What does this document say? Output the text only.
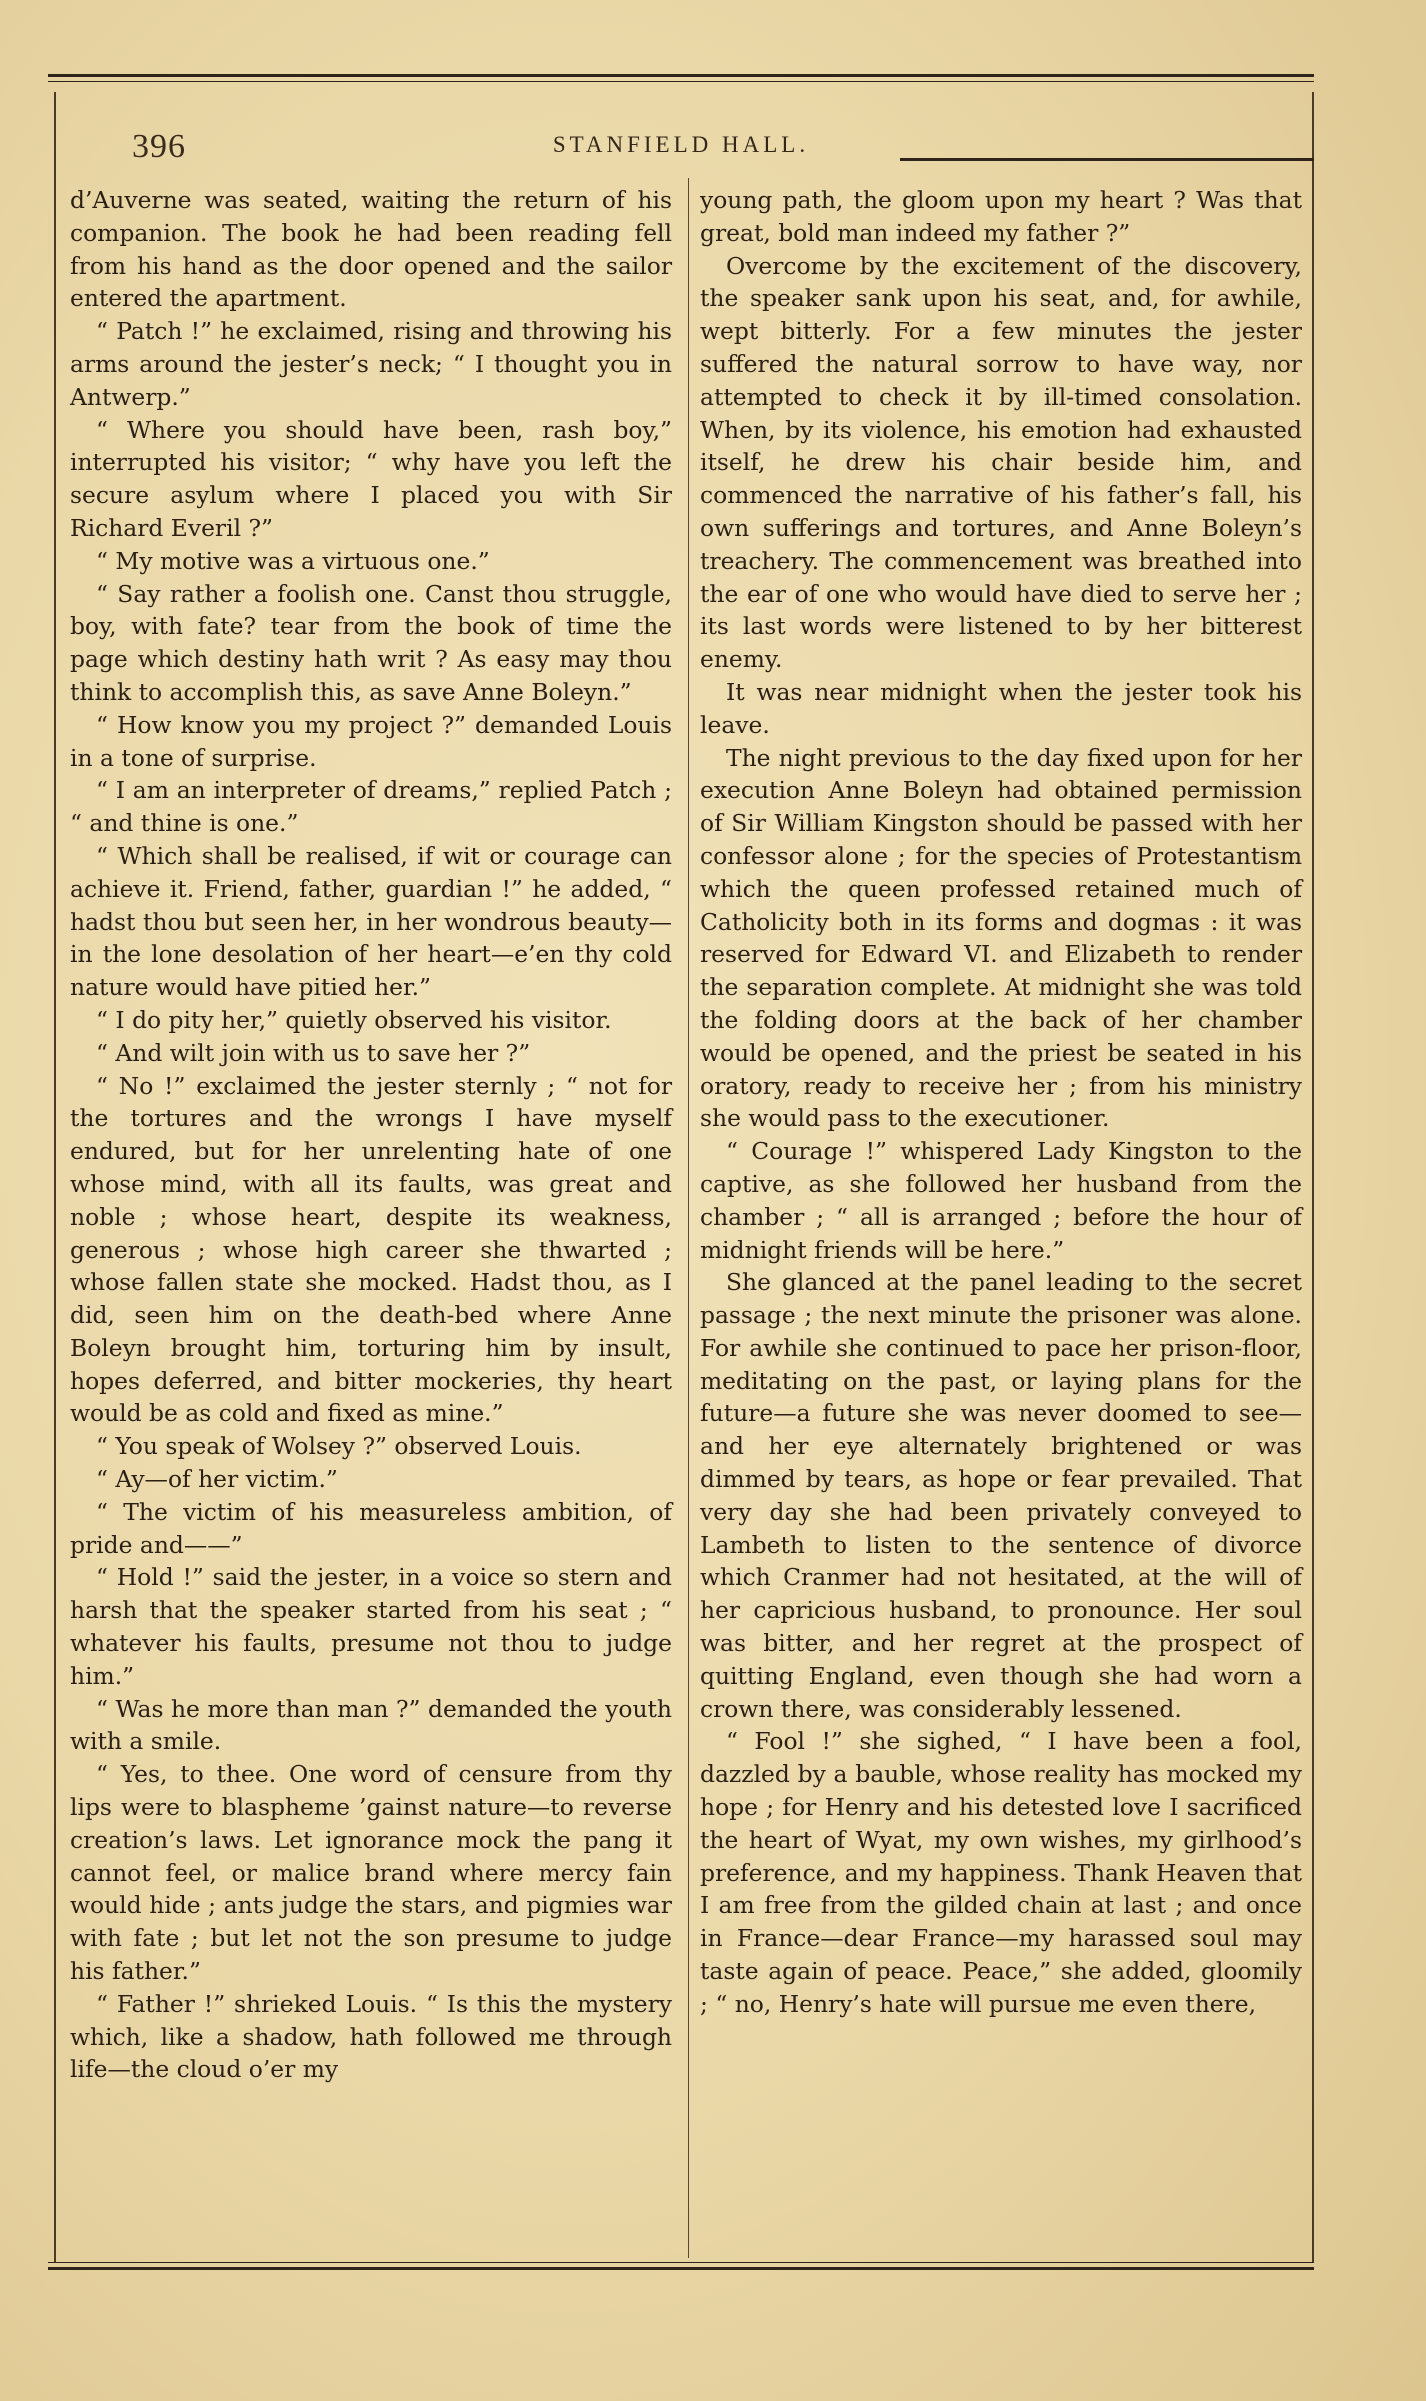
396	STANFIELD HALL.

d’Auverne was seated, waiting the return of his companion. The book he had been reading fell from his hand as the door opened and the sailor entered the apartment.

“ Patch !” he exclaimed, rising and throwing his arms around the jester’s neck; “ I thought you in Antwerp.”

“ Where you should have been, rash boy,” interrupted his visitor; “ why have you left the secure asylum where I placed you with Sir Richard Everil ?”

“ My motive was a virtuous one.”

“ Say rather a foolish one. Canst thou struggle, boy, with fate? tear from the book of time the page which destiny hath writ ? As easy may thou think to accomplish this, as save Anne Boleyn.”

“ How know you my project ?” demanded Louis in a tone of surprise.

“ I am an interpreter of dreams,” replied Patch ; “ and thine is one.”

“ Which shall be realised, if wit or courage can achieve it. Friend, father, guardian !” he added, “ hadst thou but seen her, in her wondrous beauty—in the lone desolation of her heart—e’en thy cold nature would have pitied her.”

“ I do pity her,” quietly observed his visitor.

“ And wilt join with us to save her ?”

“ No !” exclaimed the jester sternly ; “ not for the tortures and the wrongs I have myself endured, but for her unrelenting hate of one whose mind, with all its faults, was great and noble ; whose heart, despite its weakness, generous ; whose high career she thwarted ; whose fallen state she mocked. Hadst thou, as I did, seen him on the death-bed where Anne Boleyn brought him, torturing him by insult, hopes deferred, and bitter mockeries, thy heart would be as cold and fixed as mine.”

“ You speak of Wolsey ?” observed Louis.

“ Ay—of her victim.”

“ The victim of his measureless ambition, of pride and——”

“ Hold !” said the jester, in a voice so stern and harsh that the speaker started from his seat ; “ whatever his faults, presume not thou to judge him.”

“ Was he more than man ?” demanded the youth with a smile.

“ Yes, to thee. One word of censure from thy lips were to blaspheme ’gainst nature—to reverse creation’s laws. Let ignorance mock the pang it cannot feel, or malice brand where mercy fain would hide ; ants judge the stars, and pigmies war with fate ; but let not the son presume to judge his father.”

“ Father !” shrieked Louis. “ Is this the mystery which, like a shadow, hath followed me through life—the cloud o’er my

young path, the gloom upon my heart ? Was that great, bold man indeed my father ?”

Overcome by the excitement of the discovery, the speaker sank upon his seat, and, for awhile, wept bitterly. For a few minutes the jester suffered the natural sorrow to have way, nor attempted to check it by ill-timed consolation. When, by its violence, his emotion had exhausted itself, he drew his chair beside him, and commenced the narrative of his father’s fall, his own sufferings and tortures, and Anne Boleyn’s treachery. The commencement was breathed into the ear of one who would have died to serve her ; its last words were listened to by her bitterest enemy.

It was near midnight when the jester took his leave.

The night previous to the day fixed upon for her execution Anne Boleyn had obtained permission of Sir William Kingston should be passed with her confessor alone ; for the species of Protestantism which the queen professed retained much of Catholicity both in its forms and dogmas : it was reserved for Edward VI. and Elizabeth to render the separation complete. At midnight she was told the folding doors at the back of her chamber would be opened, and the priest be seated in his oratory, ready to receive her ; from his ministry she would pass to the executioner.

“ Courage !” whispered Lady Kingston to the captive, as she followed her husband from the chamber ; “ all is arranged ; before the hour of midnight friends will be here.”

She glanced at the panel leading to the secret passage ; the next minute the prisoner was alone. For awhile she continued to pace her prison-floor, meditating on the past, or laying plans for the future—a future she was never doomed to see—and her eye alternately brightened or was dimmed by tears, as hope or fear prevailed. That very day she had been privately conveyed to Lambeth to listen to the sentence of divorce which Cranmer had not hesitated, at the will of her capricious husband, to pronounce. Her soul was bitter, and her regret at the prospect of quitting England, even though she had worn a crown there, was considerably lessened.

“ Fool !” she sighed, “ I have been a fool, dazzled by a bauble, whose reality has mocked my hope ; for Henry and his detested love I sacrificed the heart of Wyat, my own wishes, my girlhood’s preference, and my happiness. Thank Heaven that I am free from the gilded chain at last ; and once in France—dear France—my harassed soul may taste again of peace. Peace,” she added, gloomily ; “ no, Henry’s hate will pursue me even there,
